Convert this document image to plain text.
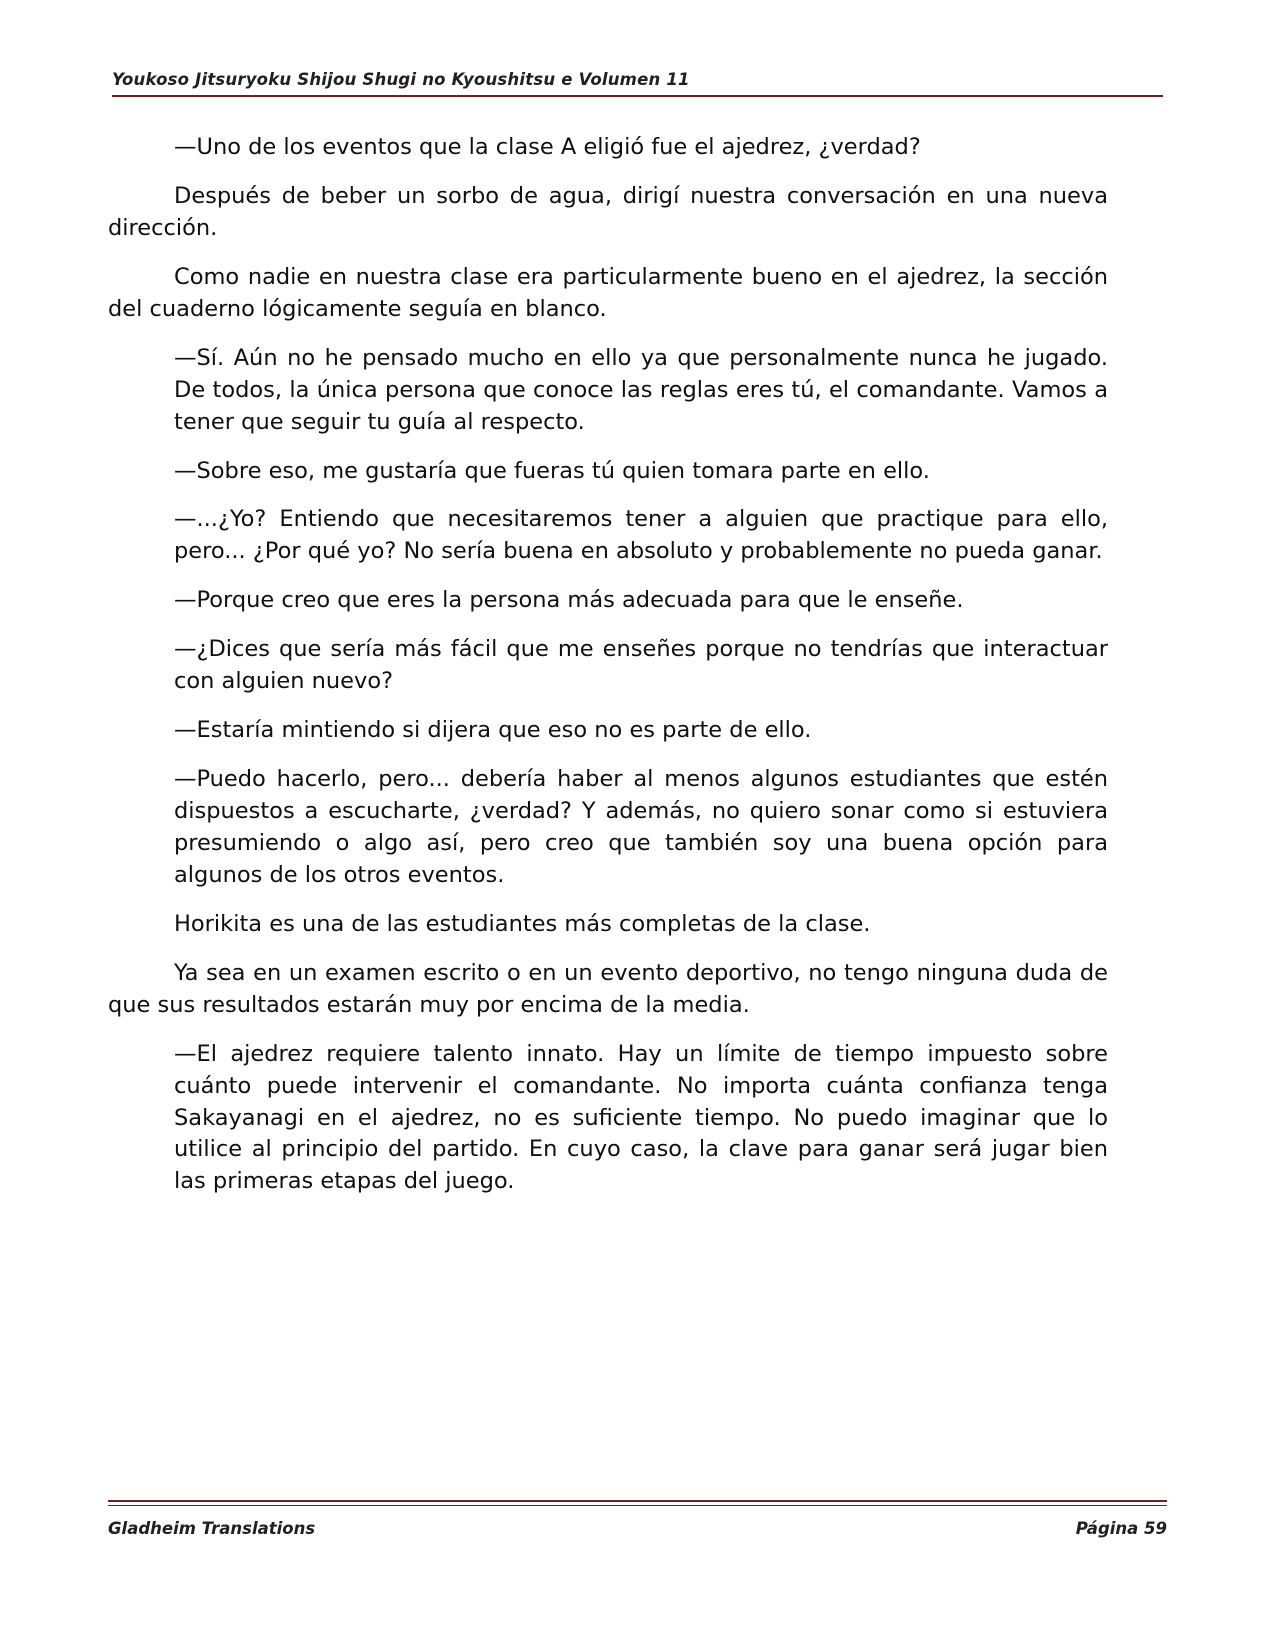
Youkoso Jitsuryoku Shijou Shugi no Kyoushitsu e Volumen 11

—Uno de los eventos que la clase A eligió fue el ajedrez, ¿verdad?

Después de beber un sorbo de agua, dirigí nuestra conversación en una nueva dirección.

Como nadie en nuestra clase era particularmente bueno en el ajedrez, la sección del cuaderno lógicamente seguía en blanco.

—Sí. Aún no he pensado mucho en ello ya que personalmente nunca he jugado. De todos, la única persona que conoce las reglas eres tú, el comandante. Vamos a tener que seguir tu guía al respecto.

—Sobre eso, me gustaría que fueras tú quien tomara parte en ello.

—...¿Yo? Entiendo que necesitaremos tener a alguien que practique para ello, pero... ¿Por qué yo? No sería buena en absoluto y probablemente no pueda ganar.

—Porque creo que eres la persona más adecuada para que le enseñe.

—¿Dices que sería más fácil que me enseñes porque no tendrías que interactuar con alguien nuevo?

—Estaría mintiendo si dijera que eso no es parte de ello.

—Puedo hacerlo, pero... debería haber al menos algunos estudiantes que estén dispuestos a escucharte, ¿verdad? Y además, no quiero sonar como si estuviera presumiendo o algo así, pero creo que también soy una buena opción para algunos de los otros eventos.

Horikita es una de las estudiantes más completas de la clase.

Ya sea en un examen escrito o en un evento deportivo, no tengo ninguna duda de que sus resultados estarán muy por encima de la media.

—El ajedrez requiere talento innato. Hay un límite de tiempo impuesto sobre cuánto puede intervenir el comandante. No importa cuánta confianza tenga Sakayanagi en el ajedrez, no es suficiente tiempo. No puedo imaginar que lo utilice al principio del partido. En cuyo caso, la clave para ganar será jugar bien las primeras etapas del juego.

Gladheim Translations	Página 59
